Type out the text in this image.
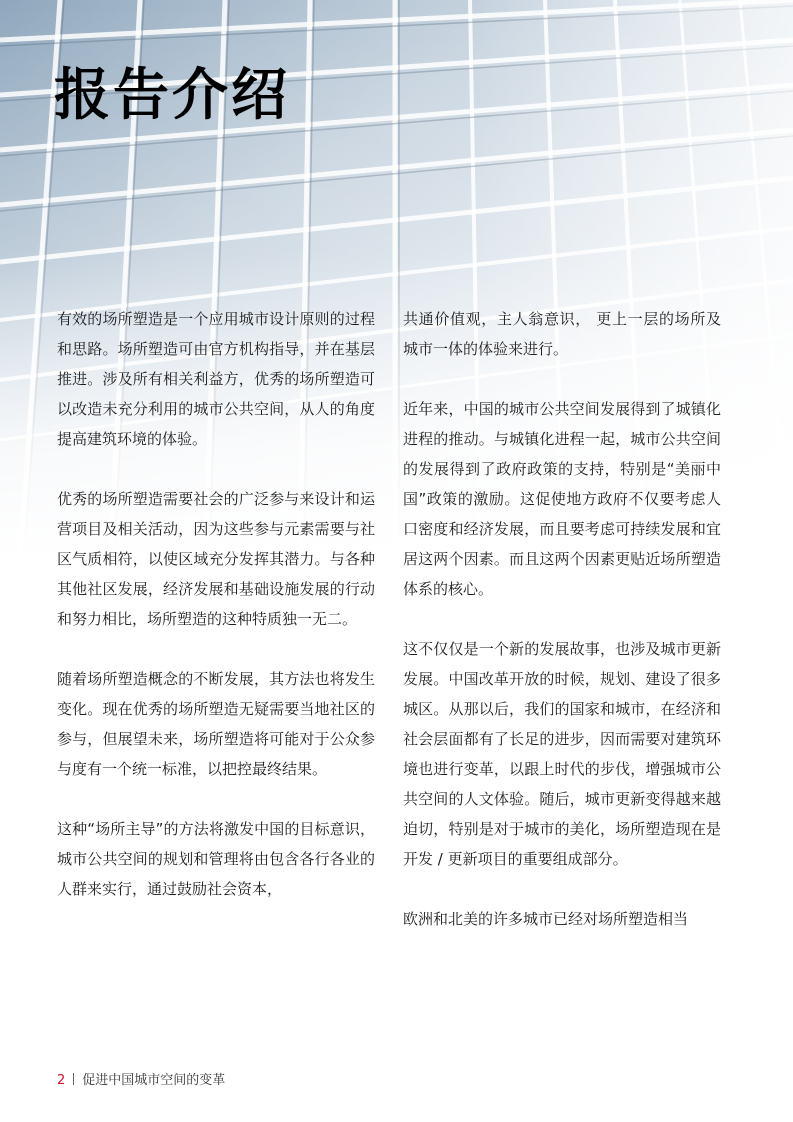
报告介绍

有效的场所塑造是一个应用城市设计原则的过程和思路。场所塑造可由官方机构指导，并在基层推进。涉及所有相关利益方，优秀的场所塑造可以改造未充分利用的城市公共空间，从人的角度提高建筑环境的体验。

优秀的场所塑造需要社会的广泛参与来设计和运营项目及相关活动，因为这些参与元素需要与社区气质相符，以使区域充分发挥其潜力。与各种其他社区发展，经济发展和基础设施发展的行动和努力相比，场所塑造的这种特质独一无二。

随着场所塑造概念的不断发展，其方法也将发生变化。现在优秀的场所塑造无疑需要当地社区的参与，但展望未来，场所塑造将可能对于公众参与度有一个统一标准，以把控最终结果。

这种“场所主导”的方法将激发中国的目标意识，城市公共空间的规划和管理将由包含各行各业的人群来实行，通过鼓励社会资本，

共通价值观，主人翁意识， 更上一层的场所及城市一体的体验来进行。

近年来，中国的城市公共空间发展得到了城镇化进程的推动。与城镇化进程一起，城市公共空间的发展得到了政府政策的支持，特别是“美丽中国”政策的激励。这促使地方政府不仅要考虑人口密度和经济发展，而且要考虑可持续发展和宜居这两个因素。而且这两个因素更贴近场所塑造体系的核心。

这不仅仅是一个新的发展故事，也涉及城市更新发展。中国改革开放的时候，规划、建设了很多城区。从那以后，我们的国家和城市，在经济和社会层面都有了长足的进步，因而需要对建筑环境也进行变革，以跟上时代的步伐，增强城市公共空间的人文体验。随后，城市更新变得越来越迫切，特别是对于城市的美化，场所塑造现在是开发 / 更新项目的重要组成部分。

欧洲和北美的许多城市已经对场所塑造相当

2 促进中国城市空间的变革
